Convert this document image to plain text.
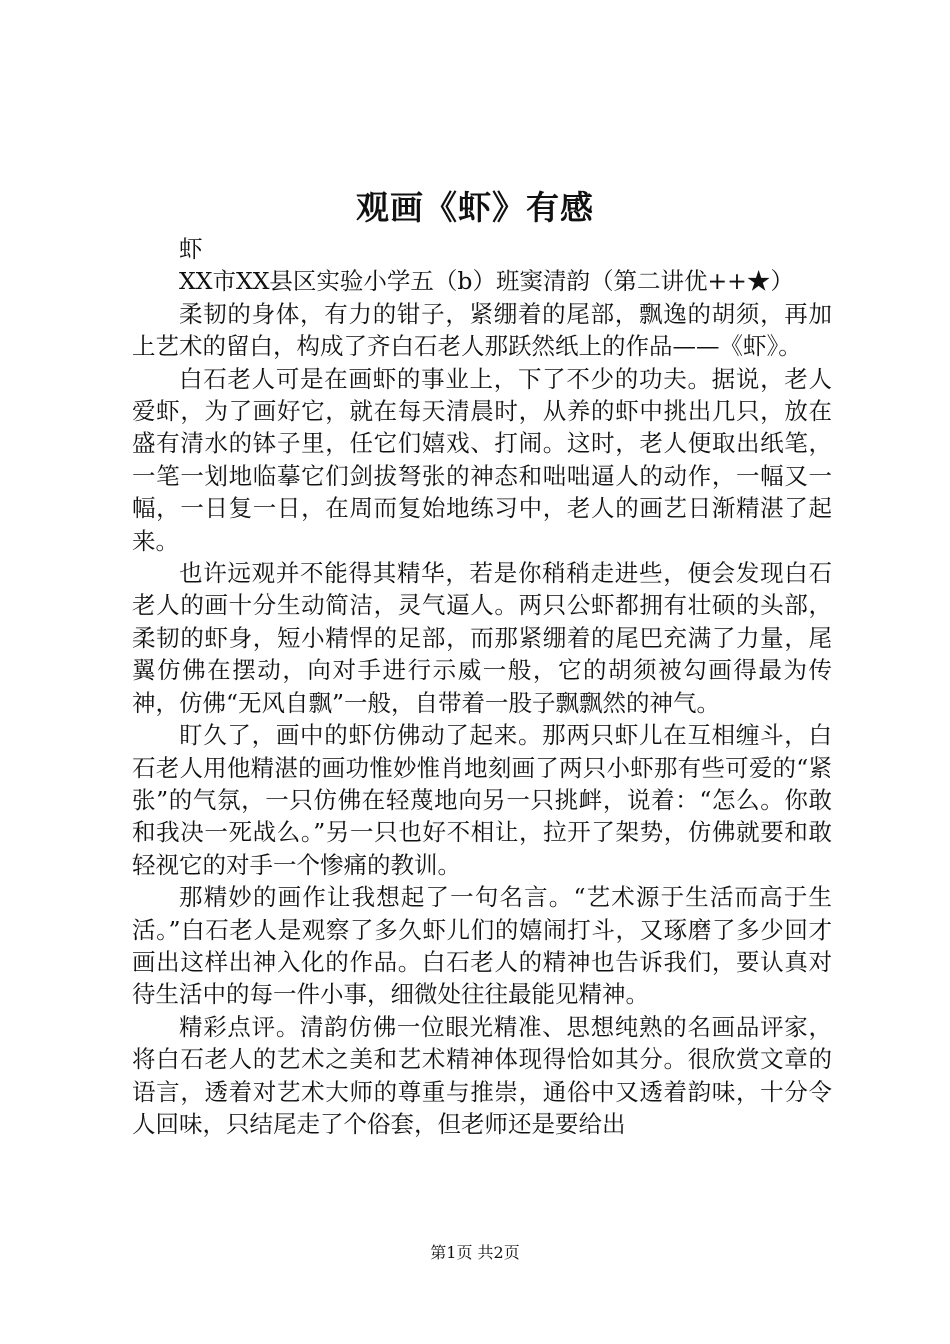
观画《虾》有感

虾

XX市XX县区实验小学五（b）班窦清韵（第二讲优++★）

柔韧的身体，有力的钳子，紧绷着的尾部，飘逸的胡须，再加上艺术的留白，构成了齐白石老人那跃然纸上的作品——《虾》。

白石老人可是在画虾的事业上，下了不少的功夫。据说，老人爱虾，为了画好它，就在每天清晨时，从养的虾中挑出几只，放在盛有清水的钵子里，任它们嬉戏、打闹。这时，老人便取出纸笔，一笔一划地临摹它们剑拔弩张的神态和咄咄逼人的动作，一幅又一幅，一日复一日，在周而复始地练习中，老人的画艺日渐精湛了起来。

也许远观并不能得其精华，若是你稍稍走进些，便会发现白石老人的画十分生动简洁，灵气逼人。两只公虾都拥有壮硕的头部，柔韧的虾身，短小精悍的足部，而那紧绷着的尾巴充满了力量，尾翼仿佛在摆动，向对手进行示威一般，它的胡须被勾画得最为传神，仿佛“无风自飘”一般，自带着一股子飘飘然的神气。

盯久了，画中的虾仿佛动了起来。那两只虾儿在互相缠斗，白石老人用他精湛的画功惟妙惟肖地刻画了两只小虾那有些可爱的“紧张”的气氛，一只仿佛在轻蔑地向另一只挑衅，说着：“怎么。你敢和我决一死战么。”另一只也好不相让，拉开了架势，仿佛就要和敢轻视它的对手一个惨痛的教训。

那精妙的画作让我想起了一句名言。“艺术源于生活而高于生活。”白石老人是观察了多久虾儿们的嬉闹打斗，又琢磨了多少回才画出这样出神入化的作品。白石老人的精神也告诉我们，要认真对待生活中的每一件小事，细微处往往最能见精神。

精彩点评。清韵仿佛一位眼光精准、思想纯熟的名画品评家，将白石老人的艺术之美和艺术精神体现得恰如其分。很欣赏文章的语言，透着对艺术大师的尊重与推崇，通俗中又透着韵味，十分令人回味，只结尾走了个俗套，但老师还是要给出

第1页 共2页
